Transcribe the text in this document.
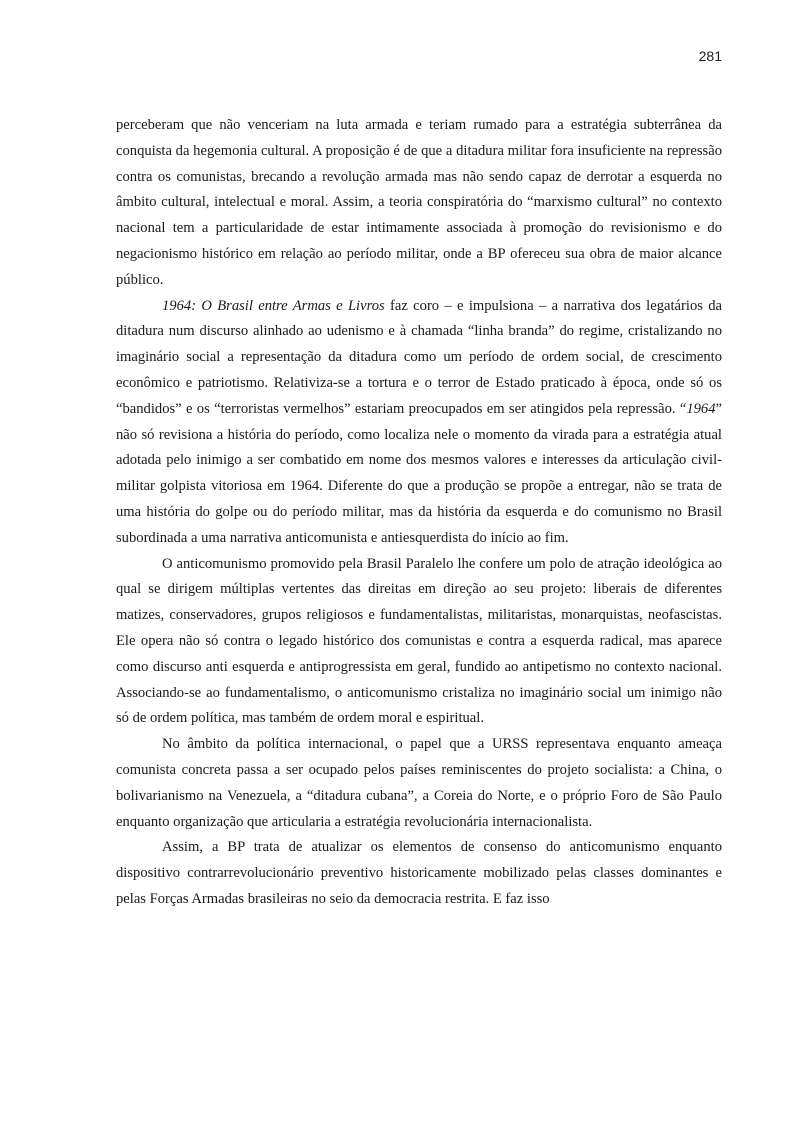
281

perceberam que não venceriam na luta armada e teriam rumado para a estratégia subterrânea da conquista da hegemonia cultural. A proposição é de que a ditadura militar fora insuficiente na repressão contra os comunistas, brecando a revolução armada mas não sendo capaz de derrotar a esquerda no âmbito cultural, intelectual e moral. Assim, a teoria conspiratória do “marxismo cultural” no contexto nacional tem a particularidade de estar intimamente associada à promoção do revisionismo e do negacionismo histórico em relação ao período militar, onde a BP ofereceu sua obra de maior alcance público.

1964: O Brasil entre Armas e Livros faz coro – e impulsiona – a narrativa dos legatários da ditadura num discurso alinhado ao udenismo e à chamada “linha branda” do regime, cristalizando no imaginário social a representação da ditadura como um período de ordem social, de crescimento econômico e patriotismo. Relativiza-se a tortura e o terror de Estado praticado à época, onde só os “bandidos” e os “terroristas vermelhos” estariam preocupados em ser atingidos pela repressão. “1964” não só revisiona a história do período, como localiza nele o momento da virada para a estratégia atual adotada pelo inimigo a ser combatido em nome dos mesmos valores e interesses da articulação civil-militar golpista vitoriosa em 1964. Diferente do que a produção se propõe a entregar, não se trata de uma história do golpe ou do período militar, mas da história da esquerda e do comunismo no Brasil subordinada a uma narrativa anticomunista e antiesquerdista do início ao fim.

O anticomunismo promovido pela Brasil Paralelo lhe confere um polo de atração ideológica ao qual se dirigem múltiplas vertentes das direitas em direção ao seu projeto: liberais de diferentes matizes, conservadores, grupos religiosos e fundamentalistas, militaristas, monarquistas, neofascistas. Ele opera não só contra o legado histórico dos comunistas e contra a esquerda radical, mas aparece como discurso anti esquerda e antiprogressista em geral, fundido ao antipetismo no contexto nacional. Associando-se ao fundamentalismo, o anticomunismo cristaliza no imaginário social um inimigo não só de ordem política, mas também de ordem moral e espiritual.

No âmbito da política internacional, o papel que a URSS representava enquanto ameaça comunista concreta passa a ser ocupado pelos países reminiscentes do projeto socialista: a China, o bolivarianismo na Venezuela, a “ditadura cubana”, a Coreia do Norte, e o próprio Foro de São Paulo enquanto organização que articularia a estratégia revolucionária internacionalista.

Assim, a BP trata de atualizar os elementos de consenso do anticomunismo enquanto dispositivo contrarrevolucionário preventivo historicamente mobilizado pelas classes dominantes e pelas Forças Armadas brasileiras no seio da democracia restrita. E faz isso
